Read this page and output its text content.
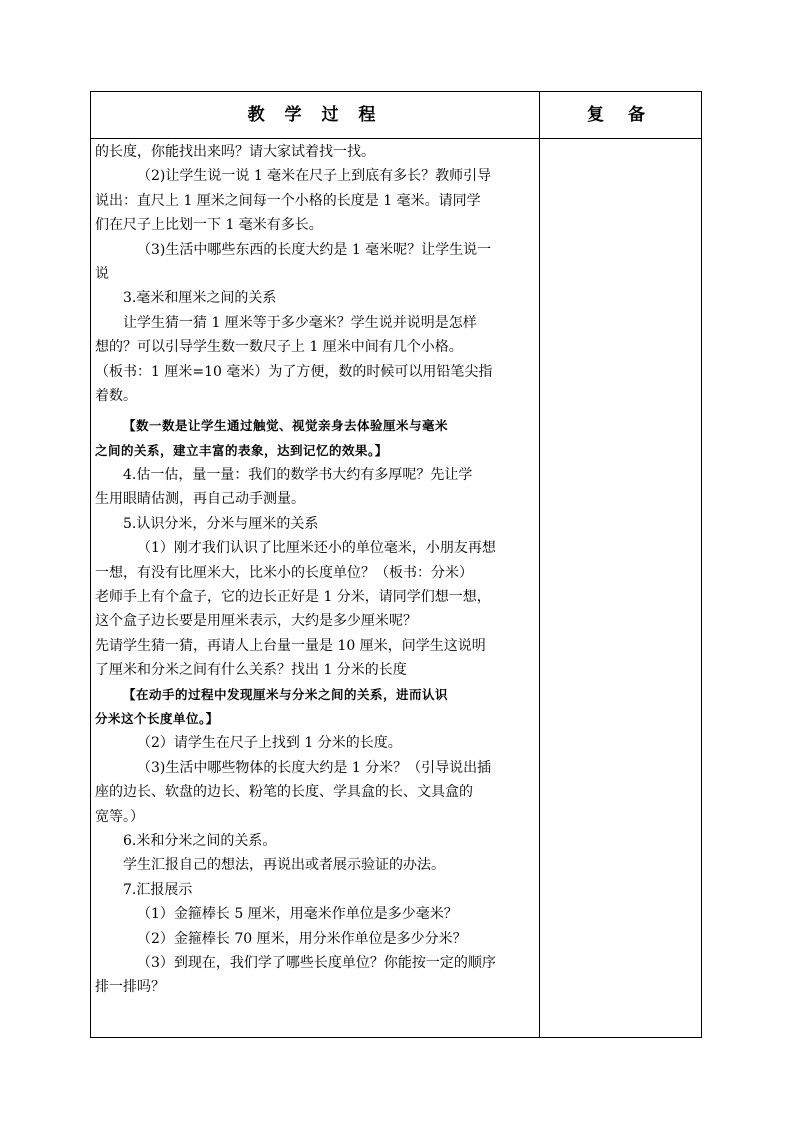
教 学 过 程	复 备
的长度，你能找出来吗？请大家试着找一找。
（2)让学生说一说 1 毫米在尺子上到底有多长？教师引导
说出：直尺上 1 厘米之间每一个小格的长度是 1 毫米。请同学
们在尺子上比划一下 1 毫米有多长。
（3)生活中哪些东西的长度大约是 1 毫米呢？让学生说一
说
3.毫米和厘米之间的关系
让学生猜一猜 1 厘米等于多少毫米？学生说并说明是怎样
想的？可以引导学生数一数尺子上 1 厘米中间有几个小格。
（板书：1 厘米=10 毫米）为了方便，数的时候可以用铅笔尖指
着数。
【数一数是让学生通过触觉、视觉亲身去体验厘米与毫米
之间的关系，建立丰富的表象，达到记忆的效果。】
4.估一估，量一量：我们的数学书大约有多厚呢？先让学
生用眼睛估测，再自己动手测量。
5.认识分米，分米与厘米的关系
（1）刚才我们认识了比厘米还小的单位毫米，小朋友再想
一想，有没有比厘米大，比米小的长度单位？（板书：分米）
老师手上有个盒子，它的边长正好是 1 分米，请同学们想一想，
这个盒子边长要是用厘米表示，大约是多少厘米呢？
先请学生猜一猜，再请人上台量一量是 10 厘米，问学生这说明
了厘米和分米之间有什么关系？找出 1 分米的长度
【在动手的过程中发现厘米与分米之间的关系，进而认识
分米这个长度单位。】
（2）请学生在尺子上找到 1 分米的长度。
（3)生活中哪些物体的长度大约是 1 分米？（引导说出插
座的边长、软盘的边长、粉笔的长度、学具盒的长、文具盒的
宽等。）
6.米和分米之间的关系。
学生汇报自己的想法，再说出或者展示验证的办法。
7.汇报展示
（1）金箍棒长 5 厘米，用毫米作单位是多少毫米？
（2）金箍棒长 70 厘米，用分米作单位是多少分米？
（3）到现在，我们学了哪些长度单位？你能按一定的顺序
排一排吗？
